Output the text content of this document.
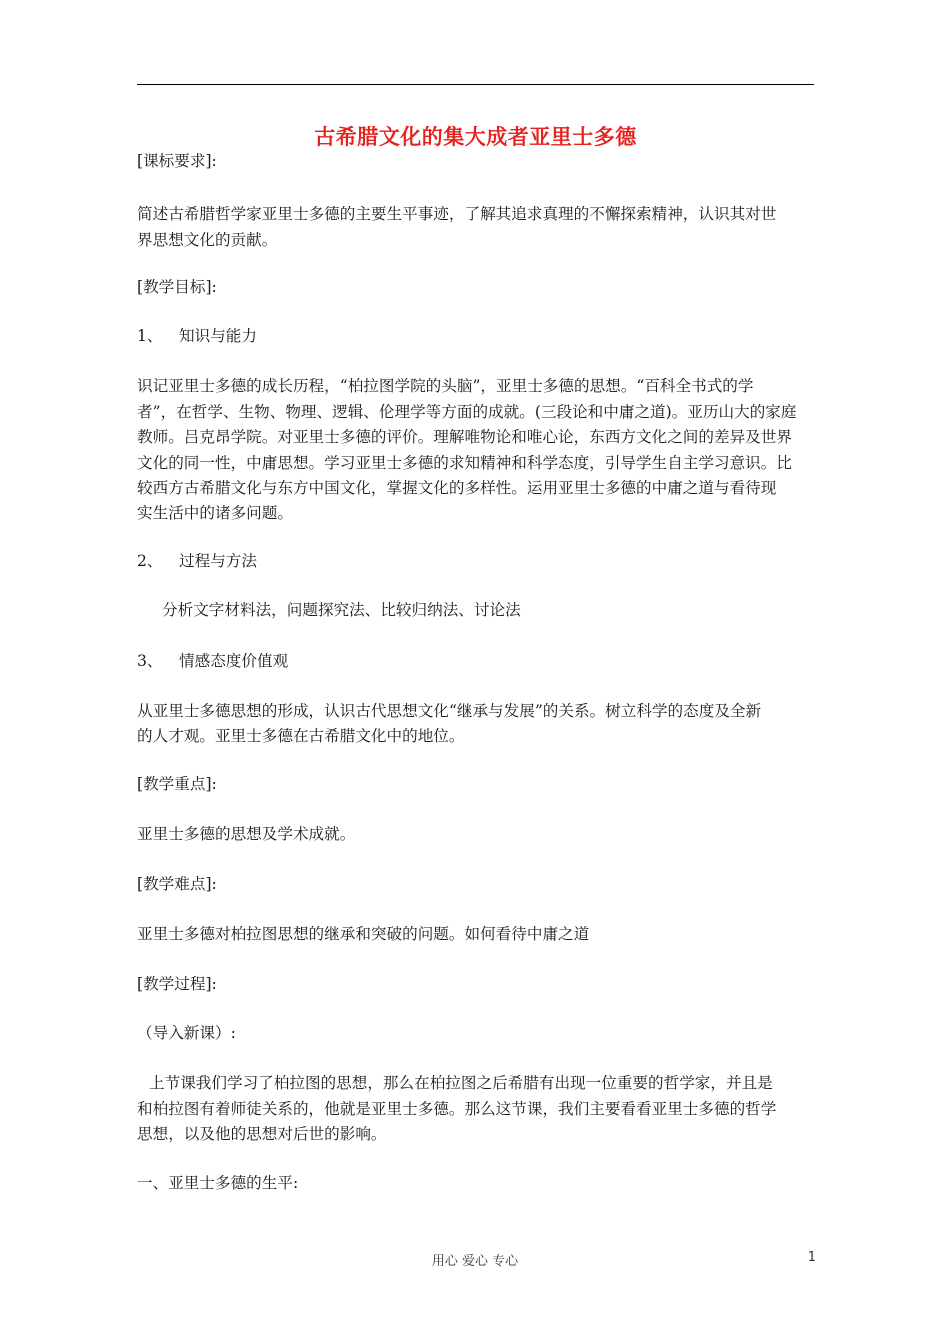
古希腊文化的集大成者亚里士多德
[课标要求]:
简述古希腊哲学家亚里士多德的主要生平事迹，了解其追求真理的不懈探索精神，认识其对世
界思想文化的贡献。
[教学目标]:
1、 知识与能力
识记亚里士多德的成长历程，“柏拉图学院的头脑”，亚里士多德的思想。“百科全书式的学
者”，在哲学、生物、物理、逻辑、伦理学等方面的成就。(三段论和中庸之道)。亚历山大的家庭
教师。吕克昂学院。对亚里士多德的评价。理解唯物论和唯心论，东西方文化之间的差异及世界
文化的同一性，中庸思想。学习亚里士多德的求知精神和科学态度，引导学生自主学习意识。比
较西方古希腊文化与东方中国文化，掌握文化的多样性。运用亚里士多德的中庸之道与看待现
实生活中的诸多问题。
2、 过程与方法
分析文字材料法，问题探究法、比较归纳法、讨论法
3、 情感态度价值观
从亚里士多德思想的形成，认识古代思想文化“继承与发展”的关系。树立科学的态度及全新
的人才观。亚里士多德在古希腊文化中的地位。
[教学重点]:
亚里士多德的思想及学术成就。
[教学难点]:
亚里士多德对柏拉图思想的继承和突破的问题。如何看待中庸之道
[教学过程]:
（导入新课）:
上节课我们学习了柏拉图的思想，那么在柏拉图之后希腊有出现一位重要的哲学家，并且是
和柏拉图有着师徒关系的，他就是亚里士多德。那么这节课，我们主要看看亚里士多德的哲学
思想，以及他的思想对后世的影响。
一、亚里士多德的生平:
用心 爱心 专心	1
